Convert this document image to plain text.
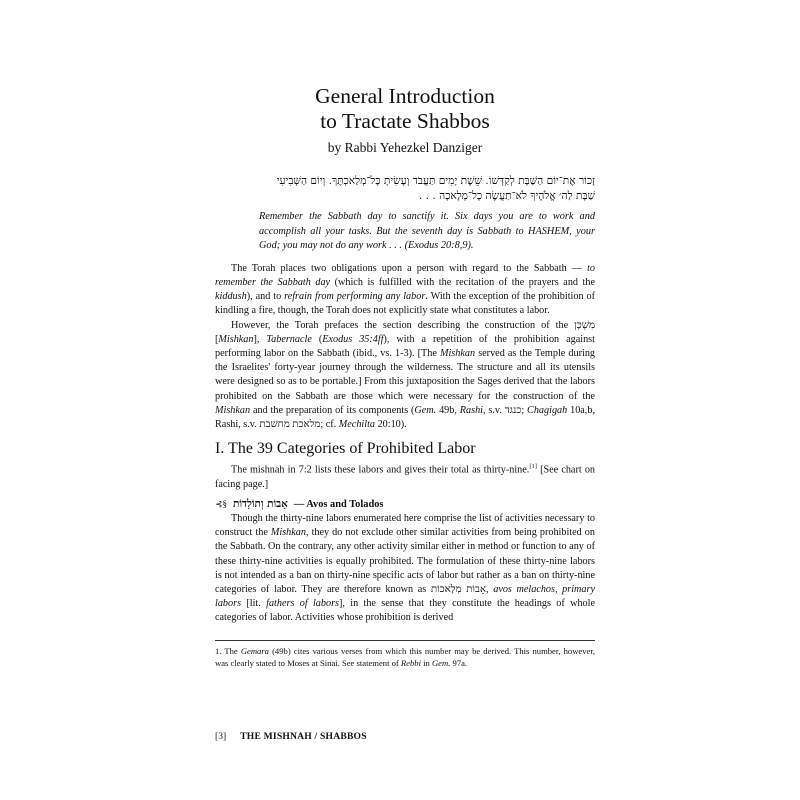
General Introduction
to Tractate Shabbos
by Rabbi Yehezkel Danziger
זָכוֹר אֶת־יוֹם הַשַּׁבָּת לְקַדְּשׁוֹ. שֵׁשֶׁת יָמִים תַּעֲבֹד וְעָשִׂיתָ כָּל־מְלַאכְתֶּךָ. וְיוֹם הַשְּׁבִיעִי שַׁבָּת לַה׳ אֱלֹהֶיךָ לֹא־תַעֲשֶׂה כָל־מְלָאכָה . . .
Remember the Sabbath day to sanctify it. Six days you are to work and accomplish all your tasks. But the seventh day is Sabbath to HASHEM, your God; you may not do any work . . . (Exodus 20:8,9).

The Torah places two obligations upon a person with regard to the Sabbath — to remember the Sabbath day (which is fulfilled with the recitation of the prayers and the kiddush), and to refrain from performing any labor. With the exception of the prohibition of kindling a fire, though, the Torah does not explicitly state what constitutes a labor.

However, the Torah prefaces the section describing the construction of the מִשְׁכָּן [Mishkan], Tabernacle (Exodus 35:4ff), with a repetition of the prohibition against performing labor on the Sabbath (ibid., vs. 1-3). [The Mishkan served as the Temple during the Israelites' forty-year journey through the wilderness. The structure and all its utensils were designed so as to be portable.] From this juxtaposition the Sages derived that the labors prohibited on the Sabbath are those which were necessary for the construction of the Mishkan and the preparation of its components (Gem. 49b, Rashi, s.v. כנגד; Chagigah 10a,b, Rashi, s.v. מלאכת מחשבת; cf. Mechilta 20:10).

I. The 39 Categories of Prohibited Labor

The mishnah in 7:2 lists these labors and gives their total as thirty-nine.[1] [See chart on facing page.]

⊰§ אָבוֹת וְתוֹלָדוֹת — Avos and Tolados

Though the thirty-nine labors enumerated here comprise the list of activities necessary to construct the Mishkan, they do not exclude other similar activities from being prohibited on the Sabbath. On the contrary, any other activity similar either in method or function to any of these thirty-nine activities is equally prohibited. The formulation of these thirty-nine labors is not intended as a ban on thirty-nine specific acts of labor but rather as a ban on thirty-nine categories of labor. They are therefore known as אָבוֹת מְלָאכוֹת, avos melachos, primary labors [lit. fathers of labors], in the sense that they constitute the headings of whole categories of labor. Activities whose prohibition is derived

1. The Gemara (49b) cites various verses from which this number may be derived. This number, however, was clearly stated to Moses at Sinai. See statement of Rebbi in Gem. 97a.

[3] THE MISHNAH / SHABBOS
